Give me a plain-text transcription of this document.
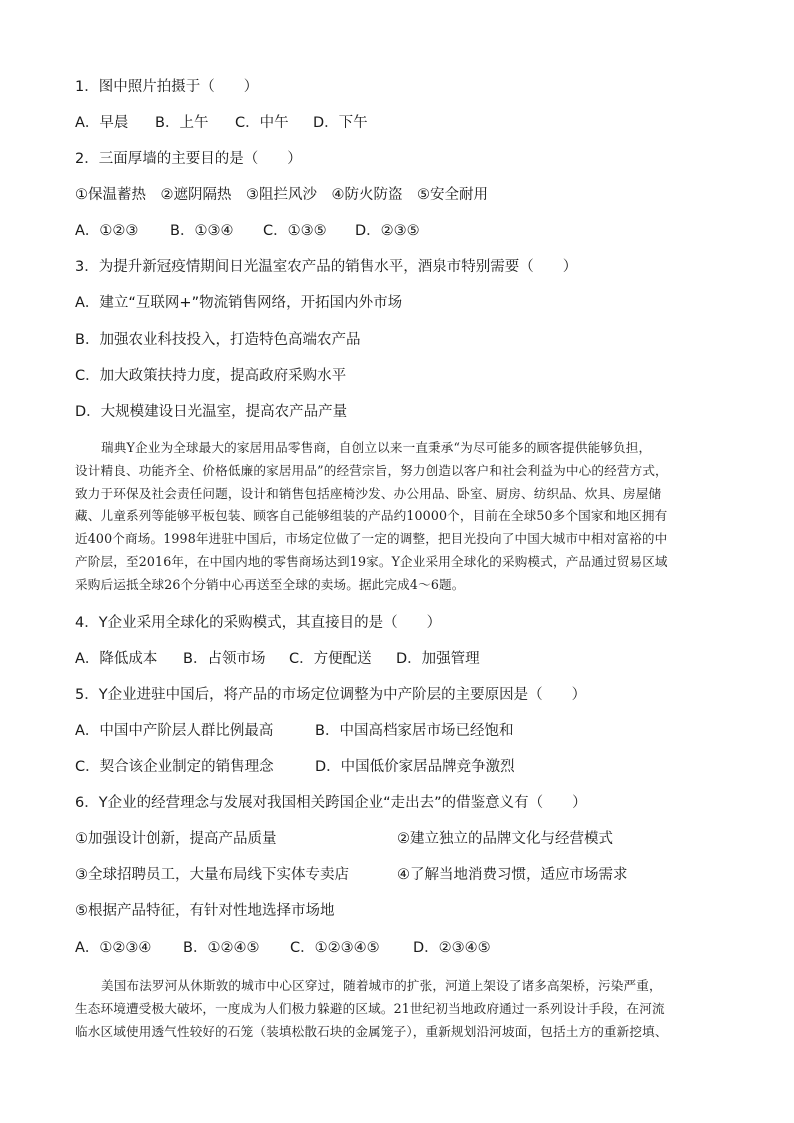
1．图中照片拍摄于（　　）
A．早晨 B．上午 C．中午 D．下午
2．三面厚墙的主要目的是（　　）
①保温蓄热　②遮阴隔热　③阻拦风沙　④防火防盗　⑤安全耐用
A．①②③ B．①③④ C．①③⑤ D．②③⑤
3．为提升新冠疫情期间日光温室农产品的销售水平，酒泉市特别需要（　　）
A．建立“互联网+”物流销售网络，开拓国内外市场
B．加强农业科技投入，打造特色高端农产品
C．加大政策扶持力度，提高政府采购水平
D．大规模建设日光温室，提高农产品产量
瑞典Y企业为全球最大的家居用品零售商，自创立以来一直秉承“为尽可能多的顾客提供能够负担，
设计精良、功能齐全、价格低廉的家居用品”的经营宗旨，努力创造以客户和社会利益为中心的经营方式，
致力于环保及社会责任问题，设计和销售包括座椅沙发、办公用品、卧室、厨房、纺织品、炊具、房屋储
藏、儿童系列等能够平板包装、顾客自己能够组装的产品约10000个，目前在全球50多个国家和地区拥有
近400个商场。1998年进驻中国后，市场定位做了一定的调整，把目光投向了中国大城市中相对富裕的中
产阶层，至2016年，在中国内地的零售商场达到19家。Y企业采用全球化的采购模式，产品通过贸易区域
采购后运抵全球26个分销中心再送至全球的卖场。据此完成4～6题。
4．Y企业采用全球化的采购模式，其直接目的是（　　）
A．降低成本 B．占领市场 C．方便配送 D．加强管理
5．Y企业进驻中国后，将产品的市场定位调整为中产阶层的主要原因是（　　）
A．中国中产阶层人群比例最高	B．中国高档家居市场已经饱和
C．契合该企业制定的销售理念	D．中国低价家居品牌竞争激烈
6．Y企业的经营理念与发展对我国相关跨国企业“走出去”的借鉴意义有（　　）
①加强设计创新，提高产品质量	②建立独立的品牌文化与经营模式
③全球招聘员工，大量布局线下实体专卖店	④了解当地消费习惯，适应市场需求
⑤根据产品特征，有针对性地选择市场地
A．①②③④ B．①②④⑤ C．①②③④⑤ D．②③④⑤
美国布法罗河从休斯敦的城市中心区穿过，随着城市的扩张，河道上架设了诸多高架桥，污染严重，
生态环境遭受极大破坏，一度成为人们极力躲避的区域。21世纪初当地政府通过一系列设计手段，在河流
临水区域使用透气性较好的石笼（装填松散石块的金属笼子），重新规划沿河坡面，包括土方的重新挖填、
